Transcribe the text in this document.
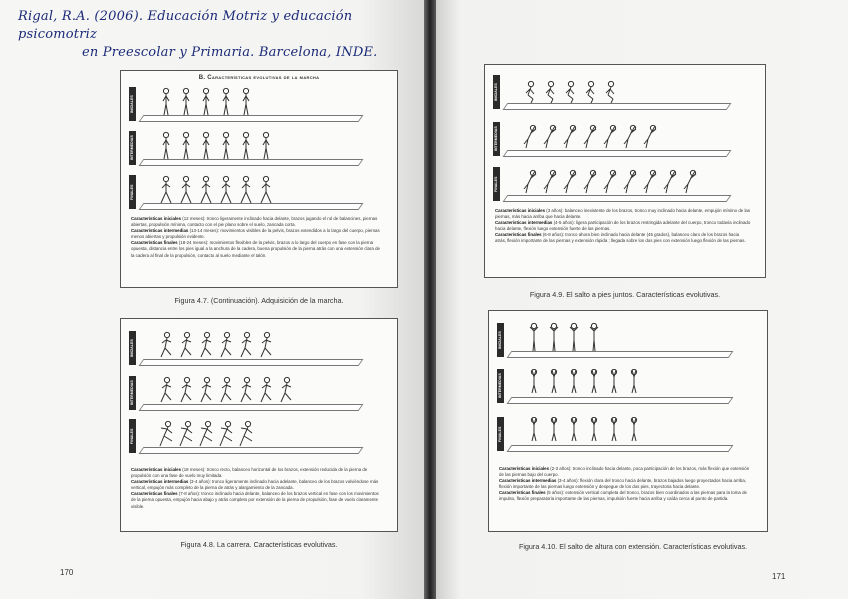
Rigal, R.A. (2006). Educación Motriz y educación psicomotriz
en Preescolar y Primaria. Barcelona, INDE.
B. Características evolutivas de la marcha
INICIALES
INTERMEDIAS
FINALES

Características iniciales (12 meses): tronco ligeramente inclinado hacia delante, brazos jugando el rol de balancines, piernas abiertas, propulsión mínima, contacto con el pie plano sobre el suelo, zancada corta.

Características intermedias (13-14 meses): movimientos visibles de la pelvis, brazos extendidos a lo largo del cuerpo, piernas menos abiertas y propulsión evidente.

Características finales (18-24 meses): movimientos flexibles de la pelvis, brazos a lo largo del cuerpo en fase con la pierna opuesta, distancia entre los pies igual a la anchura de la cadera, buena propulsión de la pierna atrás con una extensión clara de la cadera al final de la propulsión, contacto al suelo mediante el talón.

Figura 4.7. (Continuación). Adquisición de la marcha.
INICIALES
INTERMEDIAS
FINALES

Características iniciales (18 meses): tronco recto, balanceo horizontal de los brazos, extensión reducida de la pierna de propulsión con una fase de vuelo muy limitada.

Características intermedias (3-4 años): tronco ligeramente inclinado hacia adelante, balanceo de los brazos volviéndose más vertical, empujón más completo de la pierna de atrás y alargamiento de la zancada.

Características finales (7-8 años): tronco inclinado hacia delante, balanceo de los brazos vertical en fase con los movimientos de la pierna opuesta, empujón hacia abajo y atrás completo por extensión de la pierna de propulsión, fase de vuelo claramente visible.

Figura 4.8. La carrera. Características evolutivas.
170
INICIALES
INTERMEDIAS
FINALES

Características iniciales (3 años): balanceo inexistente de los brazos, tronco muy inclinado hacia delante, empujón mínimo de las piernas, más hacia arriba que hacia delante.

Características intermedias (4-5 años): ligera participación de los brazos restringida adelante del cuerpo, tronco todavía inclinado hacia delante, flexión luego extensión fuerte de las piernas.

Características finales (6-8 años): tronco ahora bien inclinado hacia delante (45 grados), balanceo claro de los brazos hacia atrás, flexión importante de las piernas y extensión rápida ; llegada sobre los dos pies con extensión luego flexión de las piernas.

Figura 4.9. El salto a pies juntos. Características evolutivas.
INICIALES
INTERMEDIAS
FINALES

Características iniciales (2-3 años): tronco inclinado hacia delante, poca participación de los brazos, más flexión que extensión de las piernas bajo del cuerpo.

Características intermedias (3-4 años): flexión clara del tronco hacia delante, brazos bajados luego proyectados hacia arriba, flexión importante de las piernas luego extensión y despegue de los dos pies, trayectoria hacia delante.

Características finales (5 años): extensión vertical completa del tronco, brazos bien coordinados a las piernas para la toma de impulso, flexión preparatoria importante de las piernas, impulsión fuerte hacia arriba y caída cerca al punto de partida.

Figura 4.10. El salto de altura con extensión. Características evolutivas.
171
